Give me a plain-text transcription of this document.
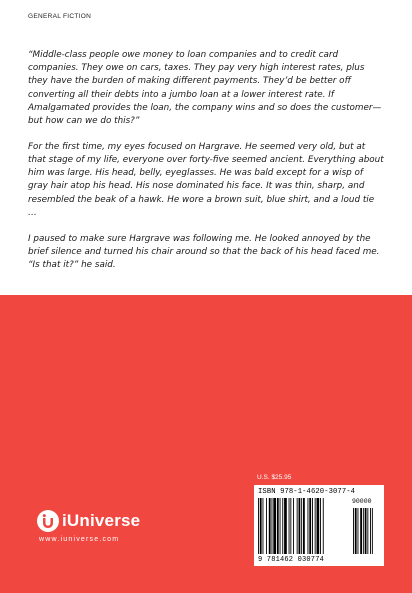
GENERAL FICTION

“Middle-class people owe money to loan companies and to credit card companies. They owe on cars, taxes. They pay very high interest rates, plus they have the burden of making different payments. They’d be better off converting all their debts into a jumbo loan at a lower interest rate. If Amalgamated provides the loan, the company wins and so does the customer—but how can we do this?”

For the first time, my eyes focused on Hargrave. He seemed very old, but at that stage of my life, everyone over forty-five seemed ancient. Everything about him was large. His head, belly, eyeglasses. He was bald except for a wisp of gray hair atop his head. His nose dominated his face. It was thin, sharp, and resembled the beak of a hawk. He wore a brown suit, blue shirt, and a loud tie …

I paused to make sure Hargrave was following me. He looked annoyed by the brief silence and turned his chair around so that the back of his head faced me. “Is that it?” he said.

U.S. $25.95
ISBN 978-1-4620-3077-4
90000
9 781462 030774
iUniverse
www.iuniverse.com
